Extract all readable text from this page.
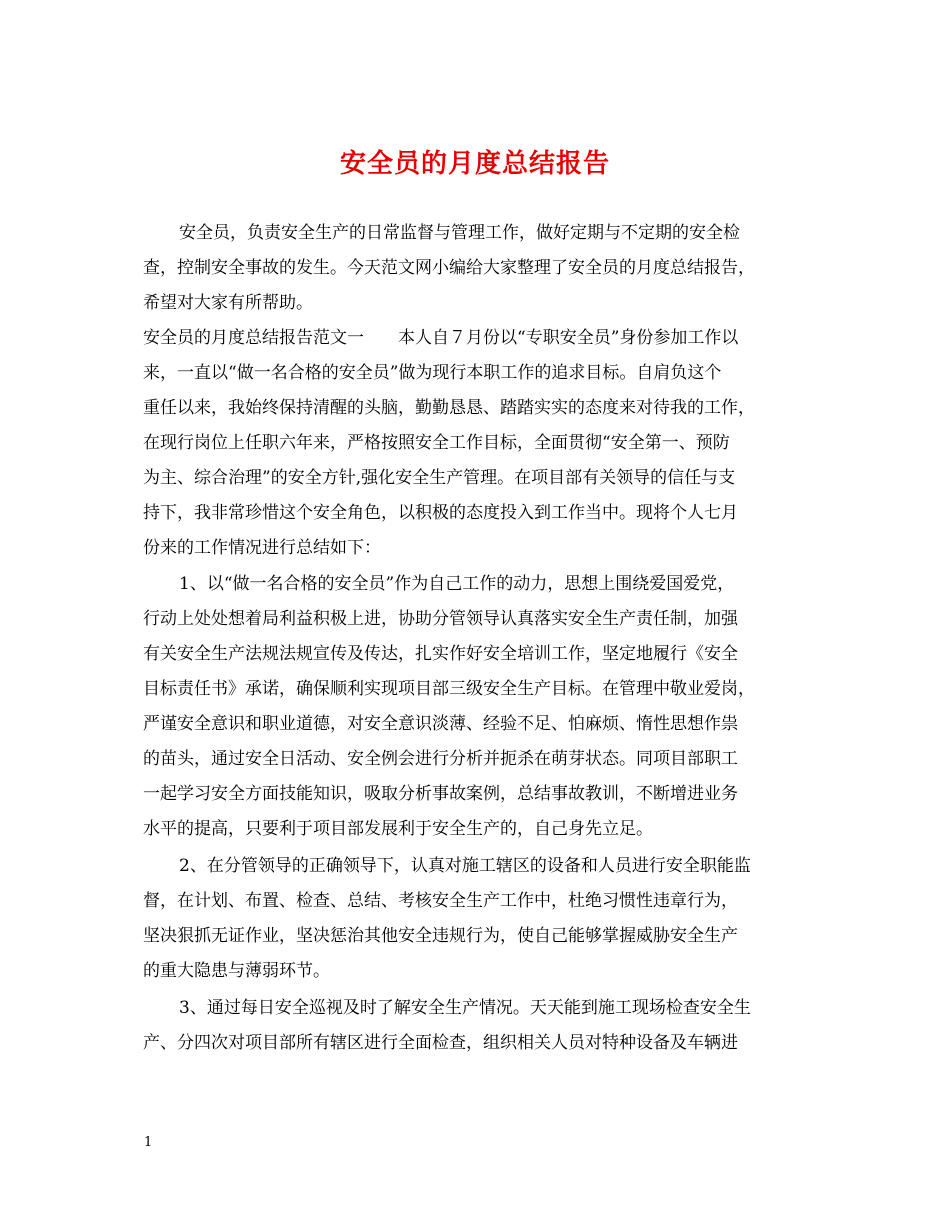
安全员的月度总结报告

安全员，负责安全生产的日常监督与管理工作，做好定期与不定期的安全检

查，控制安全事故的发生。今天范文网小编给大家整理了安全员的月度总结报告，

希望对大家有所帮助。

安全员的月度总结报告范文一　　本人自７月份以“专职安全员”身份参加工作以

来，一直以“做一名合格的安全员”做为现行本职工作的追求目标。自肩负这个

重任以来，我始终保持清醒的头脑，勤勤恳恳、踏踏实实的态度来对待我的工作，

在现行岗位上任职六年来，严格按照安全工作目标，全面贯彻“安全第一、预防

为主、综合治理”的安全方针,强化安全生产管理。在项目部有关领导的信任与支

持下，我非常珍惜这个安全角色，以积极的态度投入到工作当中。现将个人七月

份来的工作情况进行总结如下：

1、以“做一名合格的安全员”作为自己工作的动力，思想上围绕爱国爱党，

行动上处处想着局利益积极上进，协助分管领导认真落实安全生产责任制，加强

有关安全生产法规法规宣传及传达，扎实作好安全培训工作，坚定地履行《安全

目标责任书》承诺，确保顺利实现项目部三级安全生产目标。在管理中敬业爱岗，

严谨安全意识和职业道德，对安全意识淡薄、经验不足、怕麻烦、惰性思想作祟

的苗头，通过安全日活动、安全例会进行分析并扼杀在萌芽状态。同项目部职工

一起学习安全方面技能知识，吸取分析事故案例，总结事故教训，不断增进业务

水平的提高，只要利于项目部发展利于安全生产的，自己身先立足。

2、在分管领导的正确领导下，认真对施工辖区的设备和人员进行安全职能监

督，在计划、布置、检查、总结、考核安全生产工作中，杜绝习惯性违章行为，

坚决狠抓无证作业，坚决惩治其他安全违规行为，使自己能够掌握威胁安全生产

的重大隐患与薄弱环节。

3、通过每日安全巡视及时了解安全生产情况。天天能到施工现场检查安全生

产、分四次对项目部所有辖区进行全面检查，组织相关人员对特种设备及车辆进

1
